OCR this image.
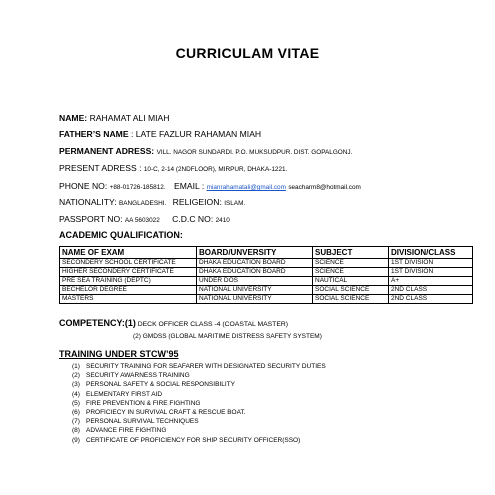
CURRICULAM VITAE
NAME: RAHAMAT ALI MIAH
FATHER’S NAME : LATE FAZLUR RAHAMAN MIAH
PERMANENT ADRESS: VILL. NAGOR SUNDARDI. P.O. MUKSUDPUR. DIST. GOPALGONJ.
PRESENT ADRESS : 10-C, 2-14 (2NDFLOOR), MIRPUR, DHAKA-1221.
PHONE NO: +88-01726-185812. EMAIL : mianrahamatali@gmail.com seacharm8@hotmail.com
NATIONALITY: BANGLADESHI. RELIGEION: ISLAM.
PASSPORT NO: AA 5603022 C.D.C NO: 2410
ACADEMIC QUALIFICATION:
NAME OF EXAM	BOARD/UNVERSITY	SUBJECT	DIVISION/CLASS
SECONDERY SCHOOL CERTIFICATE	DHAKA EDUCATION BOARD	SCIENCE	1ST DIVISION
HIGHER SECONDERY CERTIFICATE	DHAKA EDUCATION BOARD	SCIENCE	1ST DIVISION
PRE SEA TRAINING (DEPTC)	UNDER DOS	NAUTICAL	A+
BECHELOR DEGREE	NATIONAL UNIVERSITY	SOCIAL SCIENCE	2ND CLASS
MASTERS	NATIONAL UNIVERSITY	SOCIAL SCIENCE	2ND CLASS
COMPETENCY:(1) DECK OFFICER CLASS -4 (COASTAL MASTER)
(2) GMDSS (GLOBAL MARITIME DISTRESS SAFETY SYSTEM)
TRAINING UNDER STCW’95
(1) SECURITY TRAINING FOR SEAFARER WITH DESIGNATED SECURITY DUTIES
(2) SECURITY AWARNESS TRAINING
(3) PERSONAL SAFETY & SOCIAL RESPONSIBILITY
(4) ELEMENTARY FIRST AID
(5) FIRE PREVENTION & FIRE FIGHTING
(6) PROFICIECY IN SURVIVAL CRAFT & RESCUE BOAT.
(7) PERSONAL SURVIVAL TECHNIQUES
(8) ADVANCE FIRE FIGHTING
(9) CERTIFICATE OF PROFICIENCY FOR SHIP SECURITY OFFICER(SSO)
